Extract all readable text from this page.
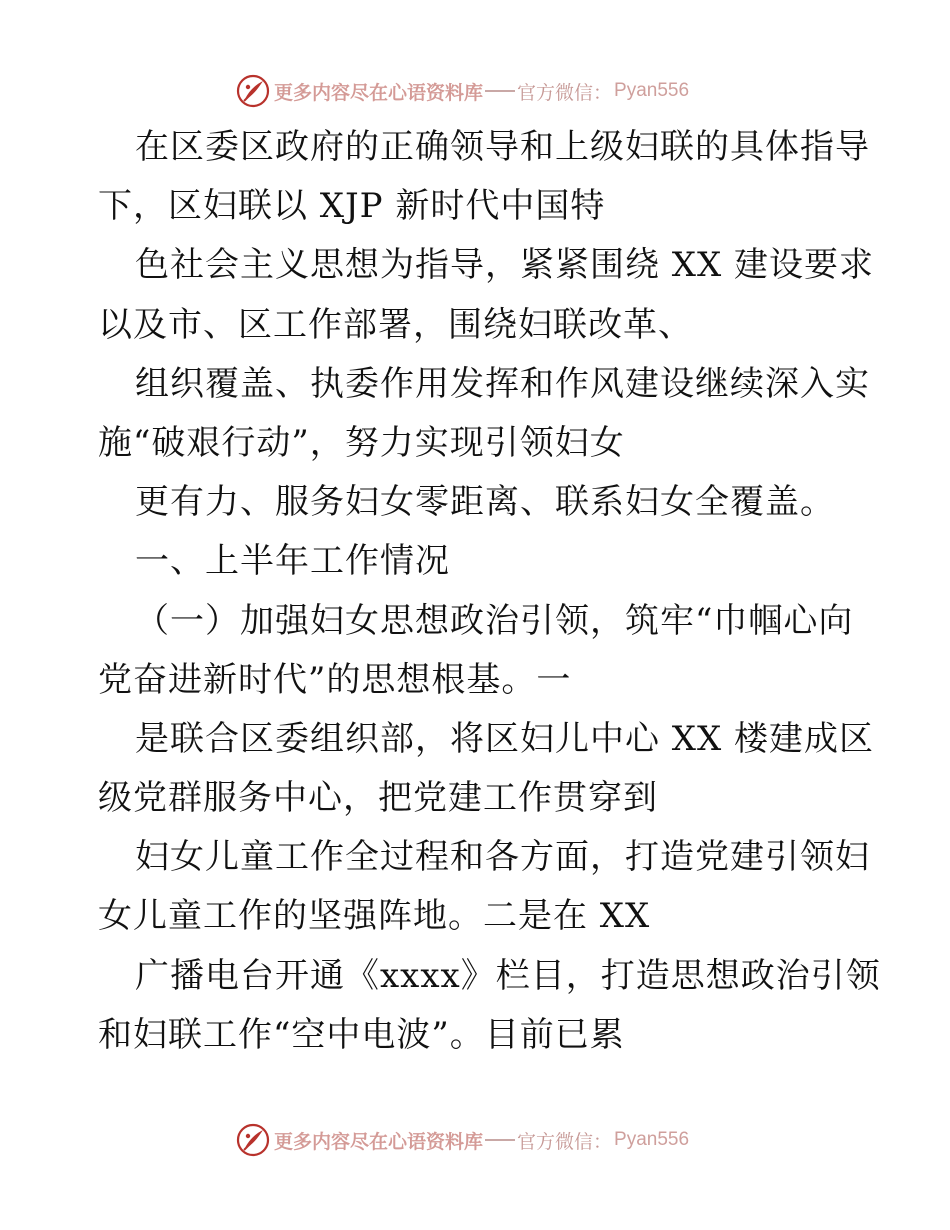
更多内容尽在心语资料库 官方微信： Pyan556
在区委区政府的正确领导和上级妇联的具体指导
下，区妇联以 XJP 新时代中国特
色社会主义思想为指导，紧紧围绕 XX 建设要求
以及市、区工作部署，围绕妇联改革、
组织覆盖、执委作用发挥和作风建设继续深入实
施“破艰行动”，努力实现引领妇女
更有力、服务妇女零距离、联系妇女全覆盖。
一、上半年工作情况
（一）加强妇女思想政治引领，筑牢“巾帼心向
党奋进新时代”的思想根基。一
是联合区委组织部，将区妇儿中心 XX 楼建成区
级党群服务中心，把党建工作贯穿到
妇女儿童工作全过程和各方面，打造党建引领妇
女儿童工作的坚强阵地。二是在 XX
广播电台开通《xxxx》栏目，打造思想政治引领
和妇联工作“空中电波”。目前已累
更多内容尽在心语资料库 官方微信： Pyan556
